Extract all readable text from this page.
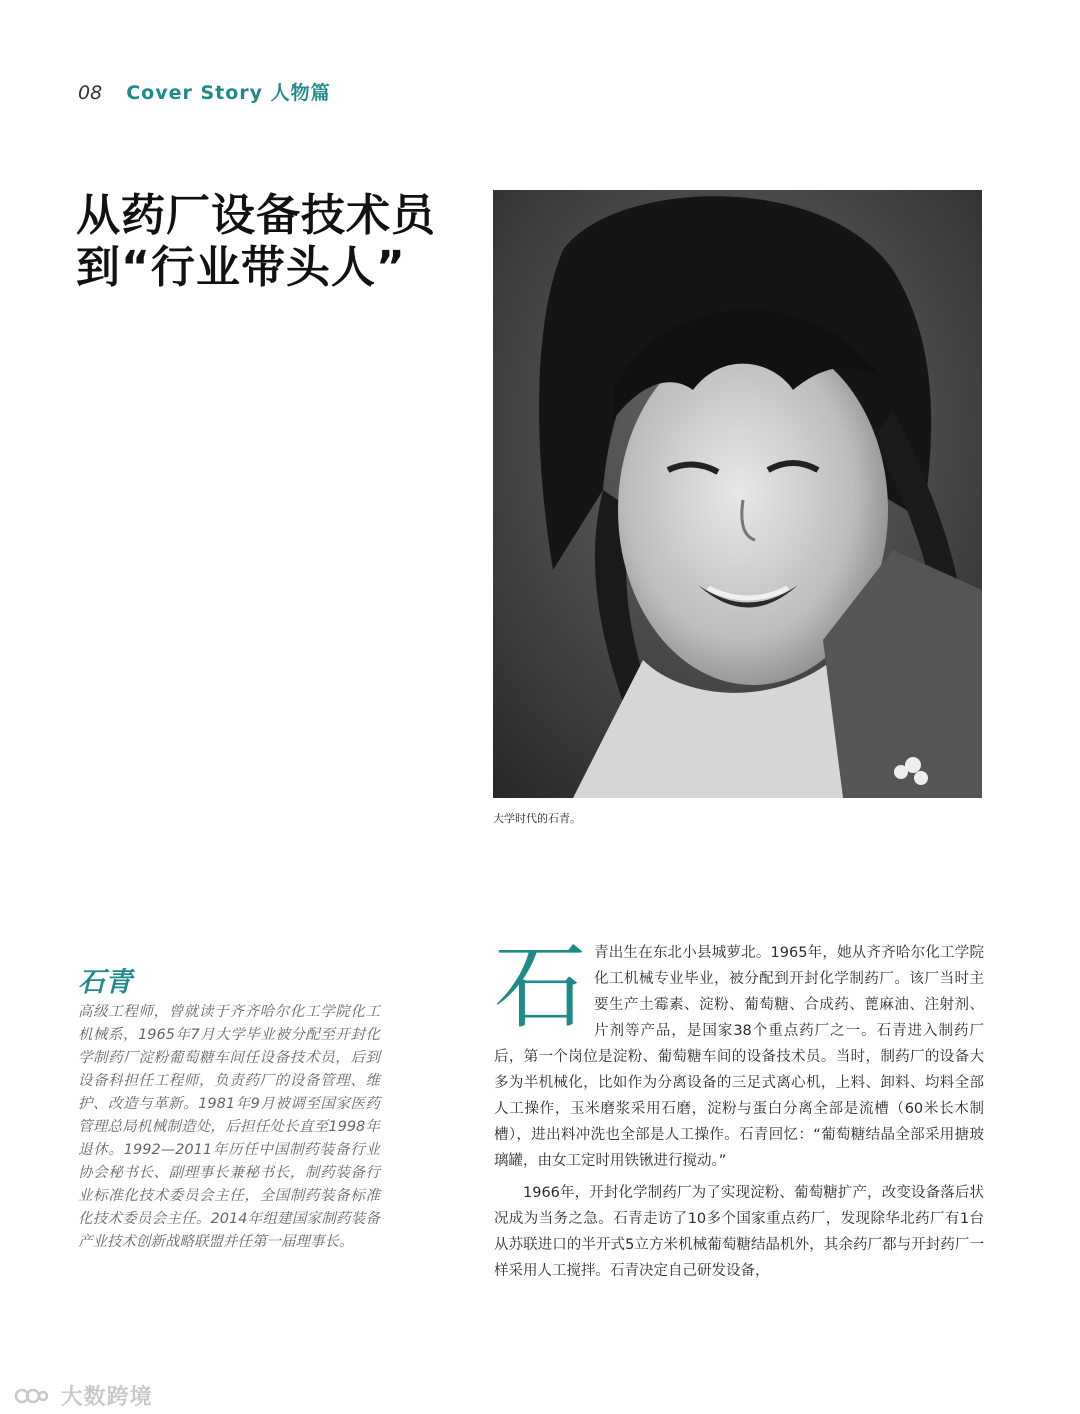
08 Cover Story 人物篇
从药厂设备技术员
到“行业带头人”
大学时代的石青。
石青

高级工程师，曾就读于齐齐哈尔化工学院化工机械系，1965年7月大学毕业被分配至开封化学制药厂淀粉葡萄糖车间任设备技术员，后到设备科担任工程师，负责药厂的设备管理、维护、改造与革新。1981年9月被调至国家医药管理总局机械制造处，后担任处长直至1998年退休。1992—2011年历任中国制药装备行业协会秘书长、副理事长兼秘书长，制药装备行业标准化技术委员会主任，全国制药装备标准化技术委员会主任。2014年组建国家制药装备产业技术创新战略联盟并任第一届理事长。

石 青出生在东北小县城萝北。1965年，她从齐齐哈尔化工学院化工机械专业毕业，被分配到开封化学制药厂。该厂当时主要生产土霉素、淀粉、葡萄糖、合成药、蓖麻油、注射剂、片剂等产品，是国家38个重点药厂之一。石青进入制药厂后，第一个岗位是淀粉、葡萄糖车间的设备技术员。当时，制药厂的设备大多为半机械化，比如作为分离设备的三足式离心机，上料、卸料、均料全部人工操作，玉米磨浆采用石磨，淀粉与蛋白分离全部是流槽（60米长木制槽），进出料冲洗也全部是人工操作。石青回忆：“葡萄糖结晶全部采用搪玻璃罐，由女工定时用铁锹进行搅动。”

1966年，开封化学制药厂为了实现淀粉、葡萄糖扩产，改变设备落后状况成为当务之急。石青走访了10多个国家重点药厂，发现除华北药厂有1台从苏联进口的半开式5立方米机械葡萄糖结晶机外，其余药厂都与开封药厂一样采用人工搅拌。石青决定自己研发设备，

大数跨境
